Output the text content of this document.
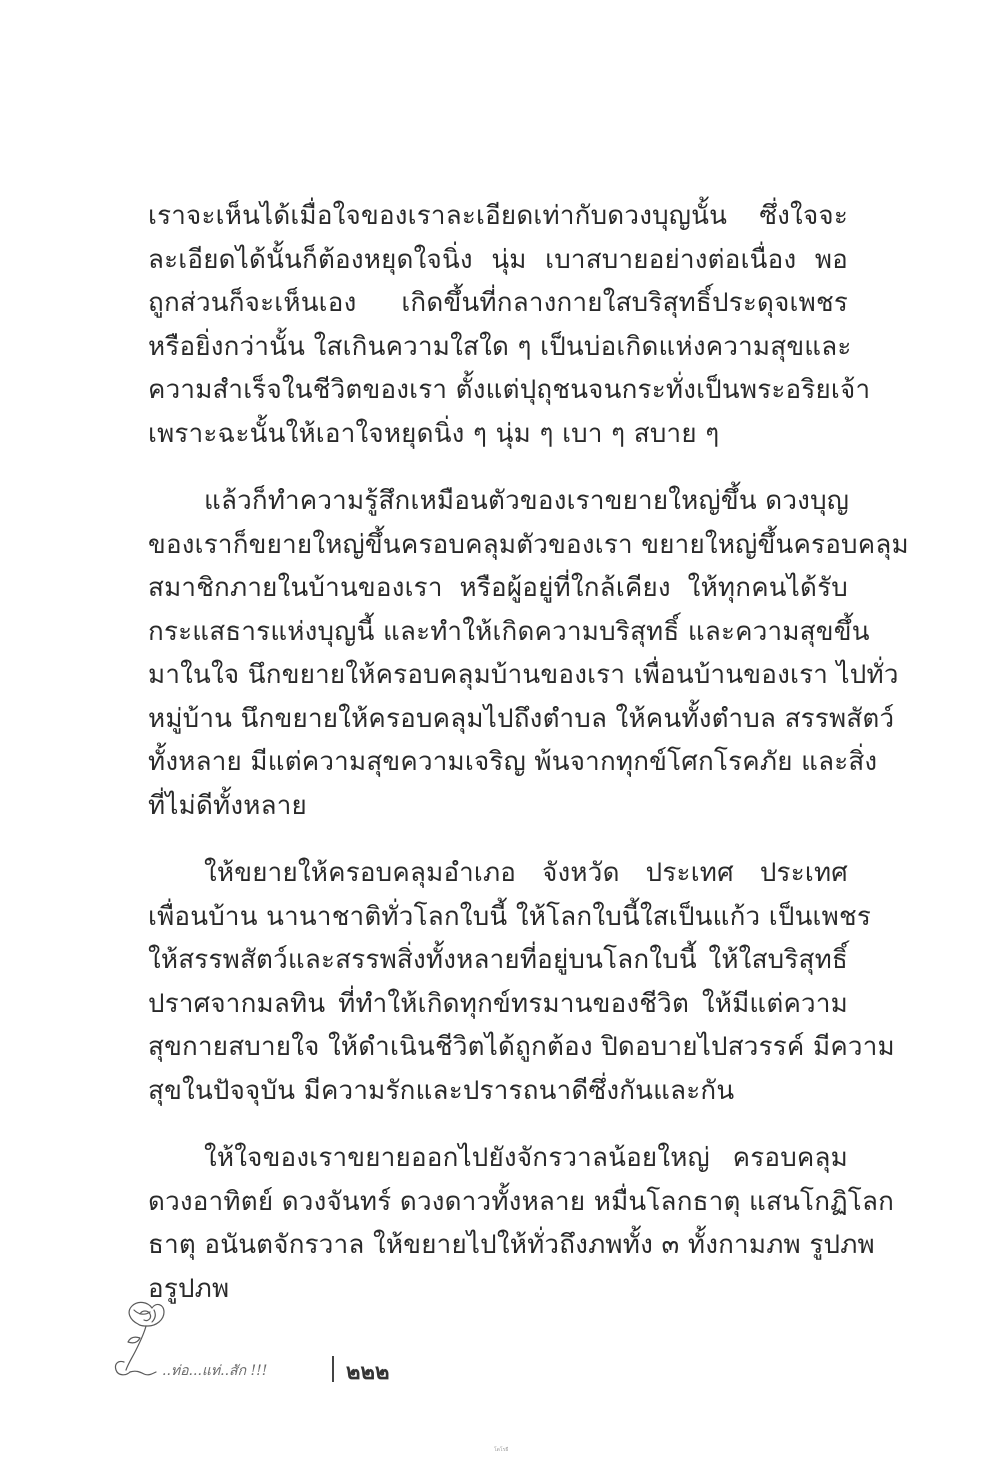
เราจะเห็นได้เมื่อใจของเราละเอียดเท่ากับดวงบุญนั้น ซึ่งใจจะ
ละเอียดได้นั้นก็ต้องหยุดใจนิ่ง นุ่ม เบาสบายอย่างต่อเนื่อง พอ
ถูกส่วนก็จะเห็นเอง เกิดขึ้นที่กลางกายใสบริสุทธิ์ประดุจเพชร
หรือยิ่งกว่านั้น ใสเกินความใสใด ๆ เป็นบ่อเกิดแห่งความสุขและ
ความสำเร็จในชีวิตของเรา ตั้งแต่ปุถุชนจนกระทั่งเป็นพระอริยเจ้า
เพราะฉะนั้นให้เอาใจหยุดนิ่ง ๆ นุ่ม ๆ เบา ๆ สบาย ๆ

แล้วก็ทำความรู้สึกเหมือนตัวของเราขยายใหญ่ขึ้น ดวงบุญ
ของเราก็ขยายใหญ่ขึ้นครอบคลุมตัวของเรา ขยายใหญ่ขึ้นครอบคลุม
สมาชิกภายในบ้านของเรา หรือผู้อยู่ที่ใกล้เคียง ให้ทุกคนได้รับ
กระแสธารแห่งบุญนี้ และทำให้เกิดความบริสุทธิ์ และความสุขขึ้น
มาในใจ นึกขยายให้ครอบคลุมบ้านของเรา เพื่อนบ้านของเรา ไปทั่ว
หมู่บ้าน นึกขยายให้ครอบคลุมไปถึงตำบล ให้คนทั้งตำบล สรรพสัตว์
ทั้งหลาย มีแต่ความสุขความเจริญ พ้นจากทุกข์โศกโรคภัย และสิ่ง
ที่ไม่ดีทั้งหลาย

ให้ขยายให้ครอบคลุมอำเภอ จังหวัด ประเทศ ประเทศ
เพื่อนบ้าน นานาชาติทั่วโลกใบนี้ ให้โลกใบนี้ใสเป็นแก้ว เป็นเพชร
ให้สรรพสัตว์และสรรพสิ่งทั้งหลายที่อยู่บนโลกใบนี้ ให้ใสบริสุทธิ์
ปราศจากมลทิน ที่ทำให้เกิดทุกข์ทรมานของชีวิต ให้มีแต่ความ
สุขกายสบายใจ ให้ดำเนินชีวิตได้ถูกต้อง ปิดอบายไปสวรรค์ มีความ
สุขในปัจจุบัน มีความรักและปรารถนาดีซึ่งกันและกัน

ให้ใจของเราขยายออกไปยังจักรวาลน้อยใหญ่ ครอบคลุม
ดวงอาทิตย์ ดวงจันทร์ ดวงดาวทั้งหลาย หมื่นโลกธาตุ แสนโกฏิโลก
ธาตุ อนันตจักรวาล ให้ขยายไปให้ทั่วถึงภพทั้ง ๓ ทั้งกามภพ รูปภพ
อรูปภพ

..ท่อ...แท่..สัก !!!	๒๒๒
โดโรธี
